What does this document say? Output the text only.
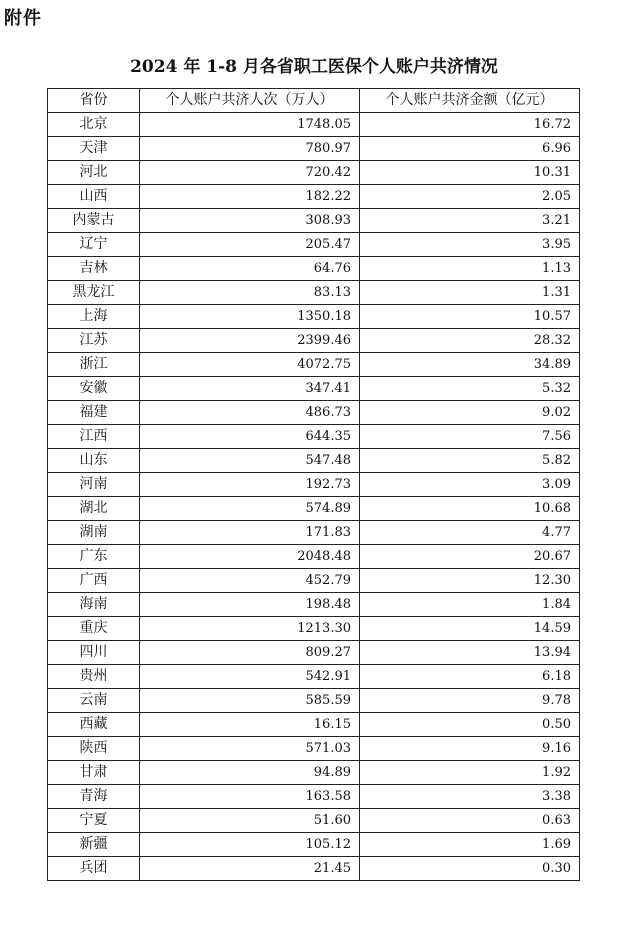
附件
2024 年 1-8 月各省职工医保个人账户共济情况
省份	个人账户共济人次（万人）	个人账户共济金额（亿元）
北京	1748.05	16.72
天津	780.97	6.96
河北	720.42	10.31
山西	182.22	2.05
内蒙古	308.93	3.21
辽宁	205.47	3.95
吉林	64.76	1.13
黑龙江	83.13	1.31
上海	1350.18	10.57
江苏	2399.46	28.32
浙江	4072.75	34.89
安徽	347.41	5.32
福建	486.73	9.02
江西	644.35	7.56
山东	547.48	5.82
河南	192.73	3.09
湖北	574.89	10.68
湖南	171.83	4.77
广东	2048.48	20.67
广西	452.79	12.30
海南	198.48	1.84
重庆	1213.30	14.59
四川	809.27	13.94
贵州	542.91	6.18
云南	585.59	9.78
西藏	16.15	0.50
陕西	571.03	9.16
甘肃	94.89	1.92
青海	163.58	3.38
宁夏	51.60	0.63
新疆	105.12	1.69
兵团	21.45	0.30
